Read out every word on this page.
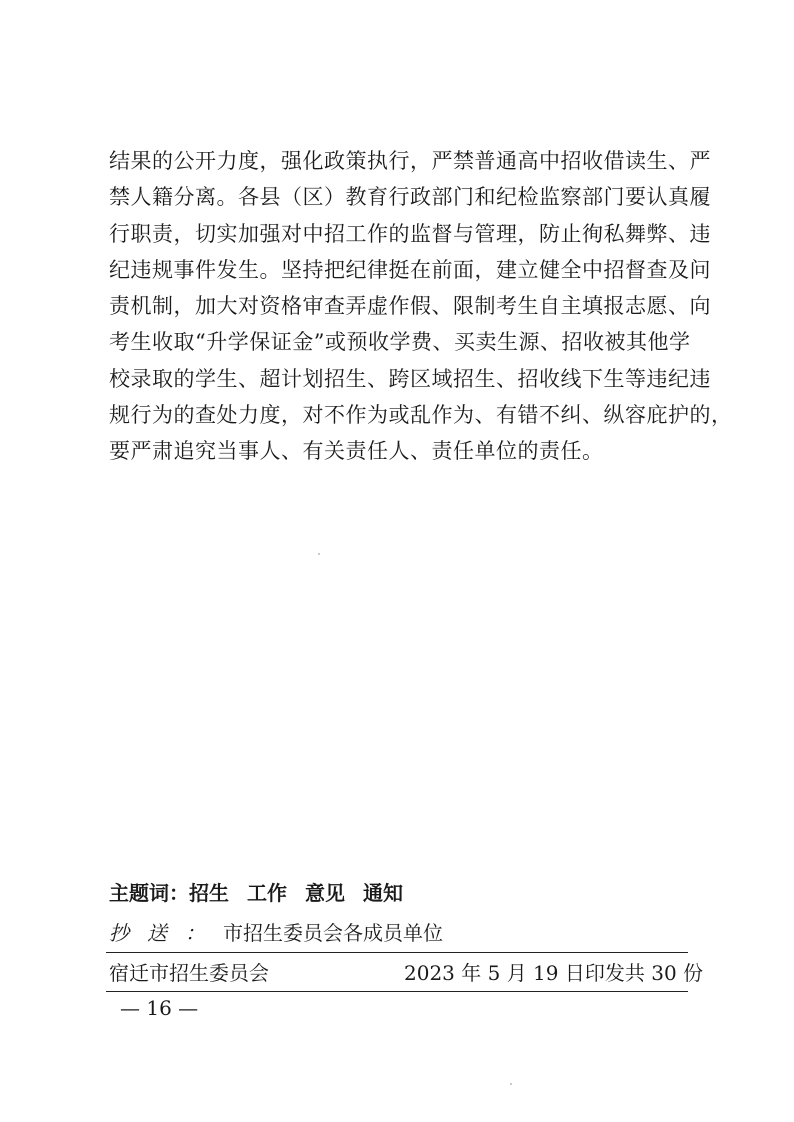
结果的公开力度，强化政策执行，严禁普通高中招收借读生、严
禁人籍分离。各县（区）教育行政部门和纪检监察部门要认真履
行职责，切实加强对中招工作的监督与管理，防止徇私舞弊、违
纪违规事件发生。坚持把纪律挺在前面，建立健全中招督查及问
责机制，加大对资格审查弄虚作假、限制考生自主填报志愿、向
考生收取“升学保证金”或预收学费、买卖生源、招收被其他学
校录取的学生、超计划招生、跨区域招生、招收线下生等违纪违
规行为的查处力度，对不作为或乱作为、有错不纠、纵容庇护的，
要严肃追究当事人、有关责任人、责任单位的责任。
主题词：招生 工作 意见 通知
抄送：市招生委员会各成员单位
宿迁市招生委员会	2023 年 5 月 19 日印发共 30 份
— 16 —
